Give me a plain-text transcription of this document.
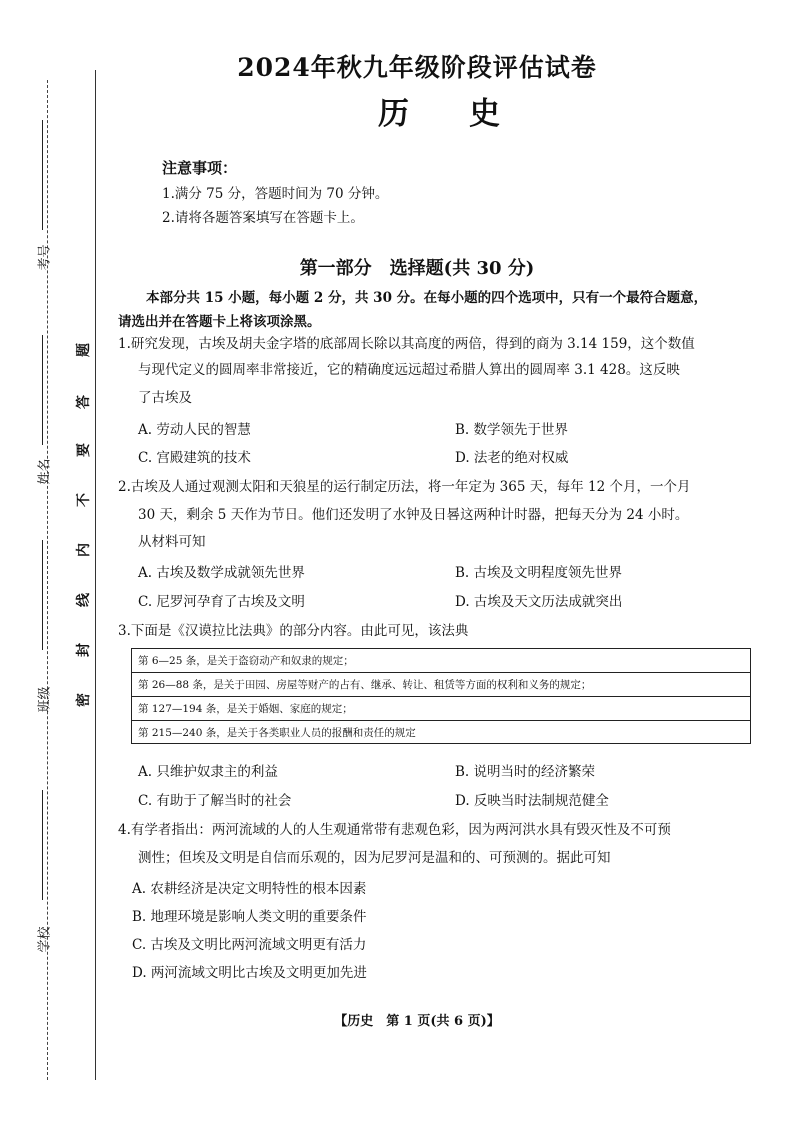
考号
姓名
班级
学校
题
答
要
不
内
线
封
密
2024年秋九年级阶段评估试卷
历史
注意事项：
1.满分 75 分，答题时间为 70 分钟。
2.请将各题答案填写在答题卡上。
第一部分　选择题(共 30 分)
本部分共 15 小题，每小题 2 分，共 30 分。在每小题的四个选项中，只有一个最符合题意，
请选出并在答题卡上将该项涂黑。
1.研究发现，古埃及胡夫金字塔的底部周长除以其高度的两倍，得到的商为 3.14 159，这个数值
与现代定义的圆周率非常接近，它的精确度远远超过希腊人算出的圆周率 3.1 428。这反映
了古埃及
A. 劳动人民的智慧	B. 数学领先于世界
C. 宫殿建筑的技术	D. 法老的绝对权威
2.古埃及人通过观测太阳和天狼星的运行制定历法，将一年定为 365 天，每年 12 个月，一个月
30 天，剩余 5 天作为节日。他们还发明了水钟及日晷这两种计时器，把每天分为 24 小时。
从材料可知
A. 古埃及数学成就领先世界	B. 古埃及文明程度领先世界
C. 尼罗河孕育了古埃及文明	D. 古埃及天文历法成就突出
3.下面是《汉谟拉比法典》的部分内容。由此可见，该法典
第 6—25 条，是关于盗窃动产和奴隶的规定；
第 26—88 条，是关于田园、房屋等财产的占有、继承、转让、租赁等方面的权利和义务的规定；
第 127—194 条，是关于婚姻、家庭的规定；
第 215—240 条，是关于各类职业人员的报酬和责任的规定
A. 只维护奴隶主的利益	B. 说明当时的经济繁荣
C. 有助于了解当时的社会	D. 反映当时法制规范健全
4.有学者指出：两河流域的人的人生观通常带有悲观色彩，因为两河洪水具有毁灭性及不可预
测性；但埃及文明是自信而乐观的，因为尼罗河是温和的、可预测的。据此可知
A. 农耕经济是决定文明特性的根本因素
B. 地理环境是影响人类文明的重要条件
C. 古埃及文明比两河流域文明更有活力
D. 两河流域文明比古埃及文明更加先进
【历史　第 1 页(共 6 页)】
